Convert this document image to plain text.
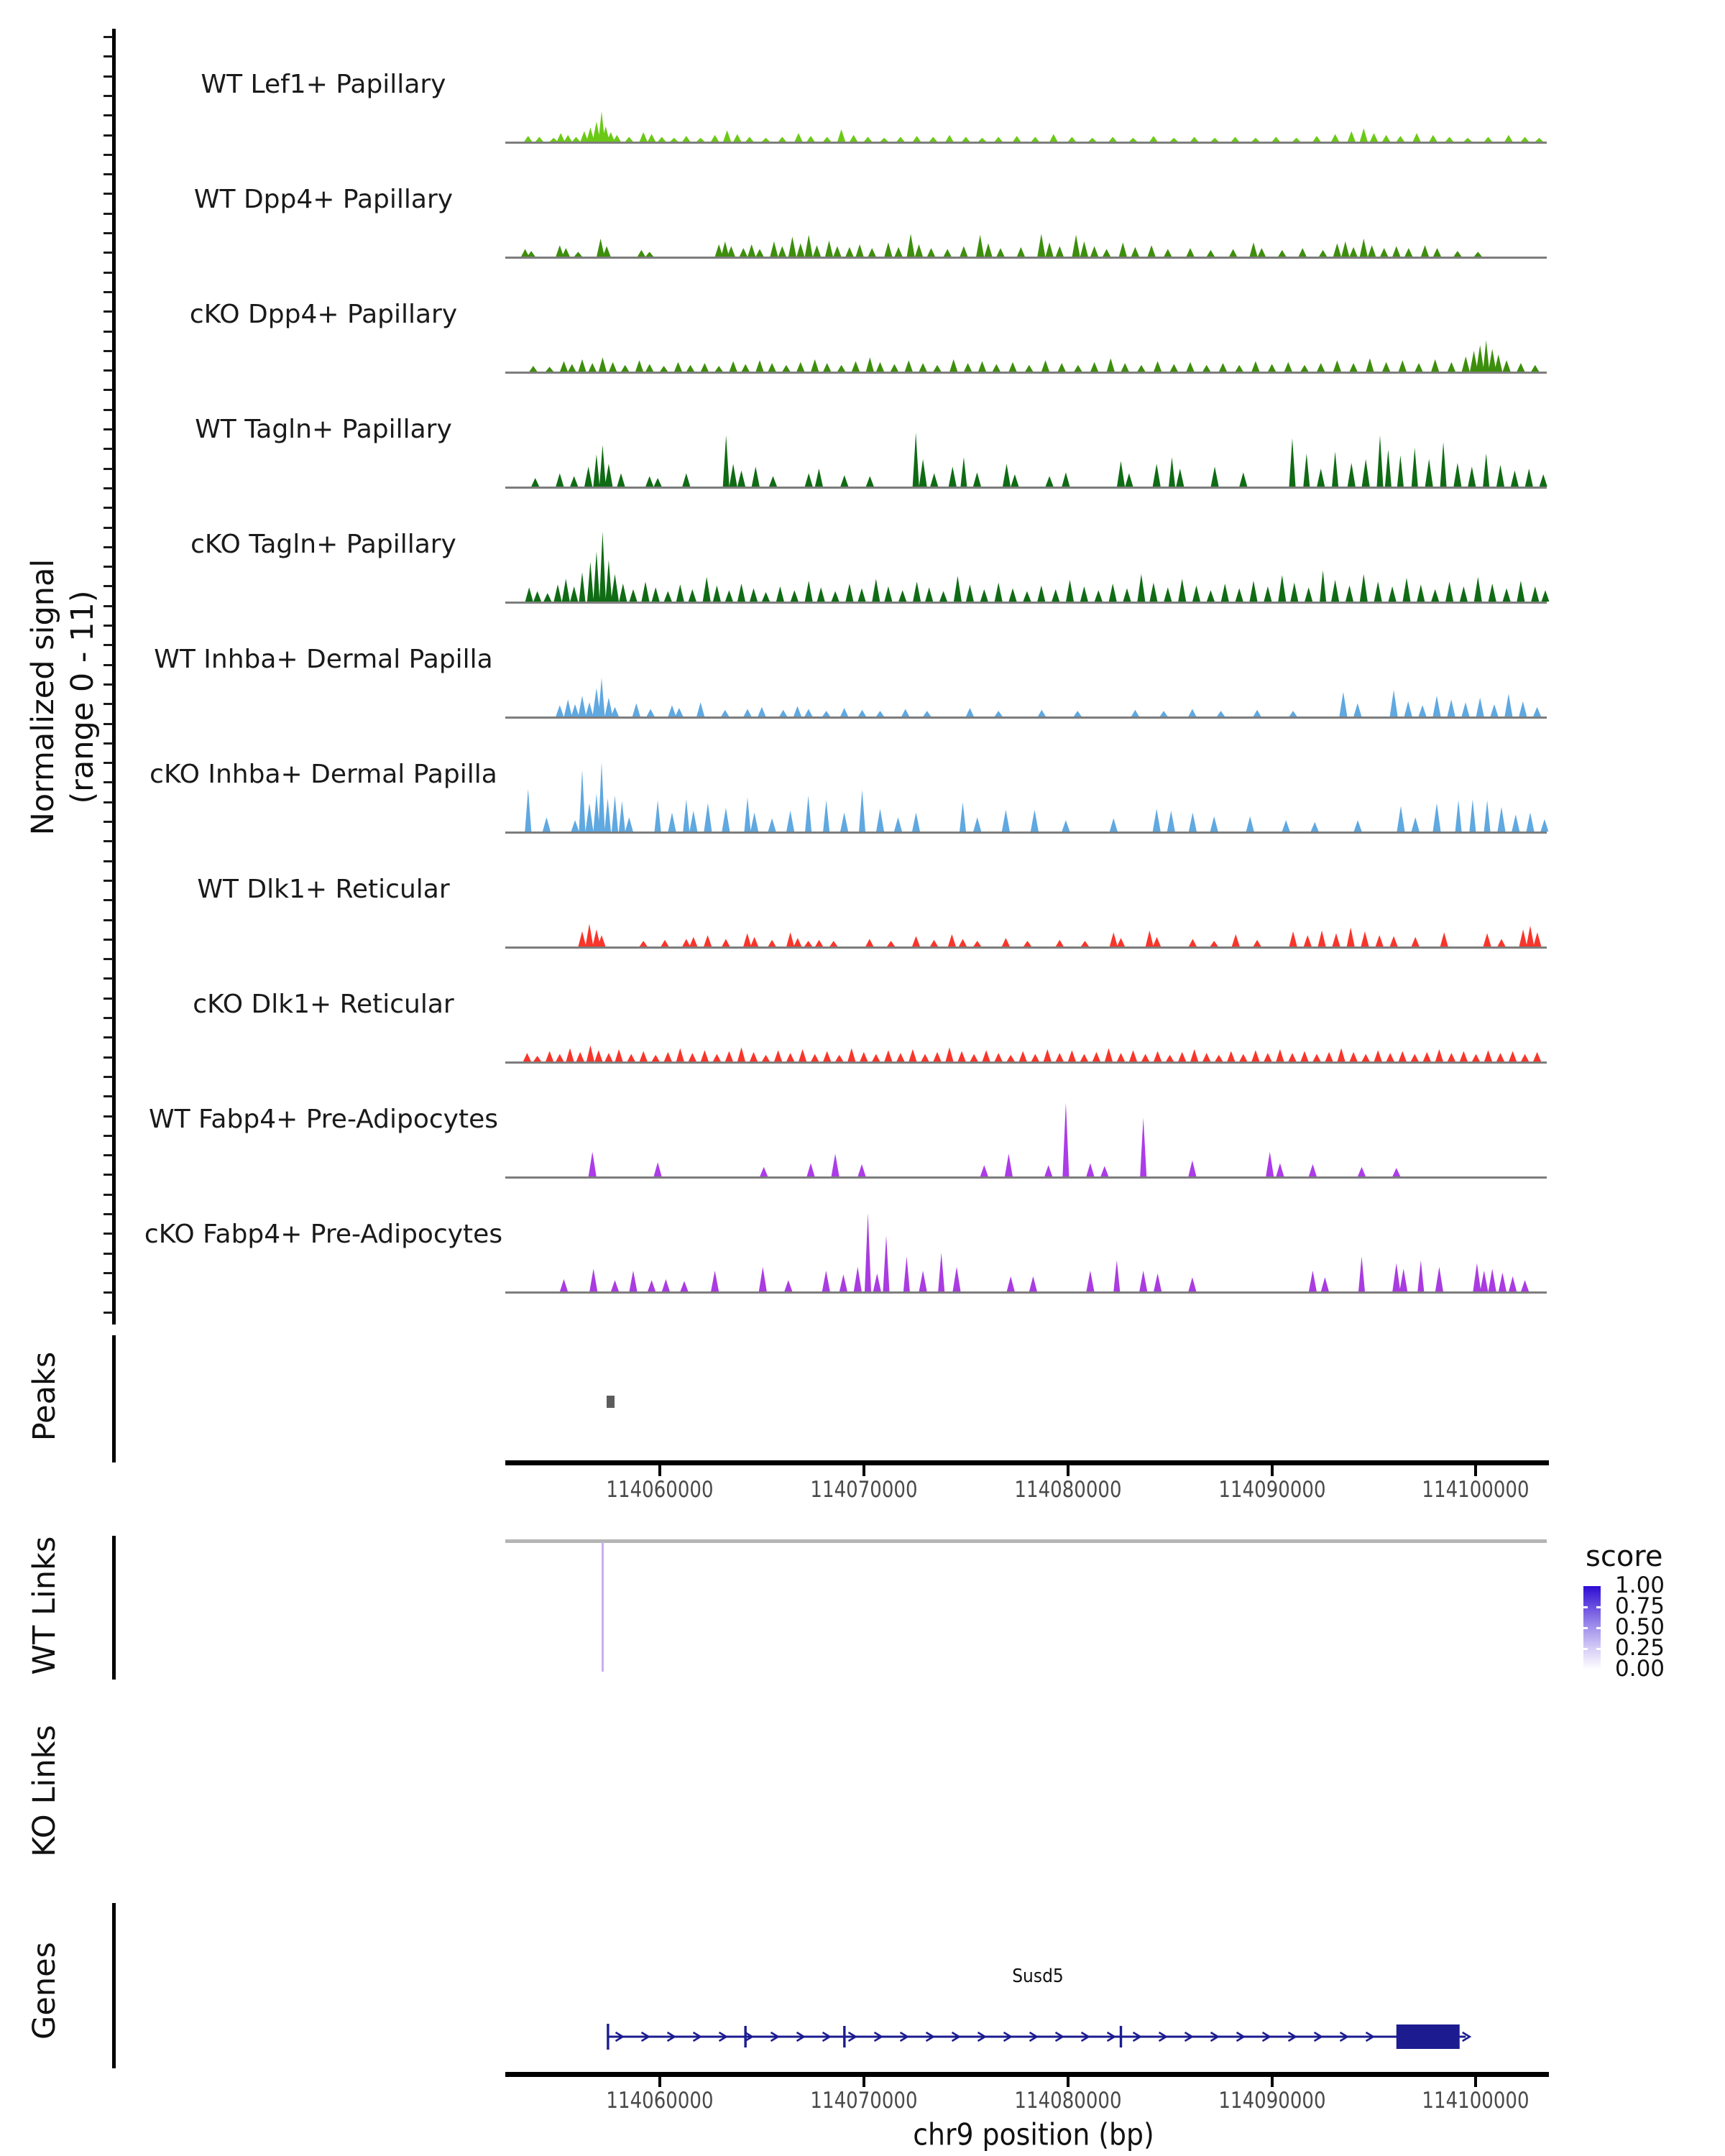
Normalized signal (range 0 - 11)
WT Lef1+ Papillary
WT Dpp4+ Papillary
cKO Dpp4+ Papillary
WT Tagln+ Papillary
cKO Tagln+ Papillary
WT Inhba+ Dermal Papilla
cKO Inhba+ Dermal Papilla
WT Dlk1+ Reticular
cKO Dlk1+ Reticular
WT Fabp4+ Pre-Adipocytes
cKO Fabp4+ Pre-Adipocytes
Peaks
114060000	114070000	114080000	114090000	114100000
score
1.00
0.75
0.50
0.25
0.00
WT Links
KO Links
Genes	Susd5
114060000	114070000	114080000	114090000	114100000
chr9 position (bp)
